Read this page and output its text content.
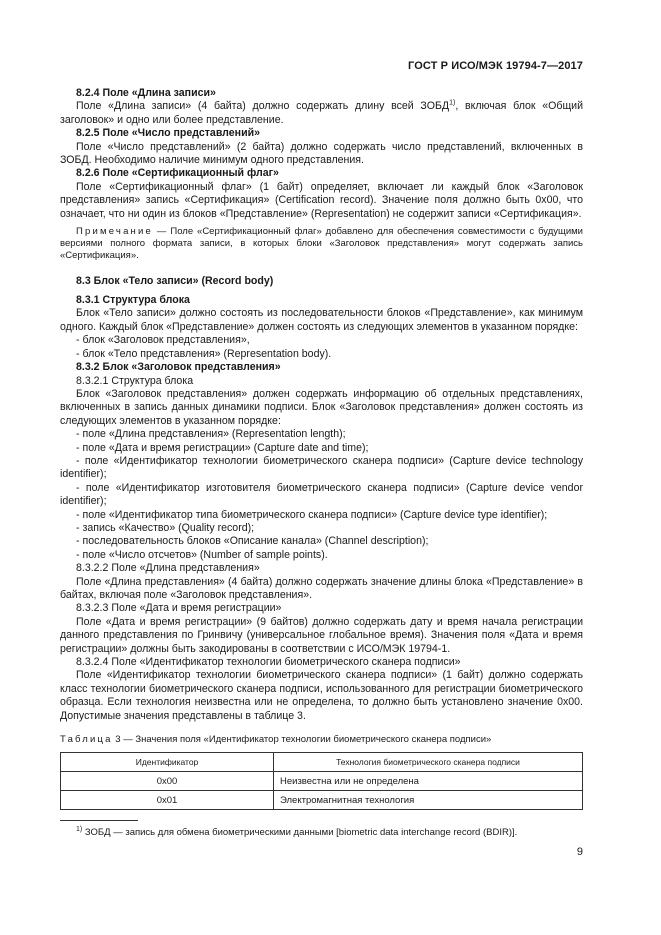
ГОСТ Р ИСО/МЭК 19794-7—2017

8.2.4 Поле «Длина записи»

Поле «Длина записи» (4 байта) должно содержать длину всей ЗОБД$^{1)}$, включая блок «Общий заголовок» и одно или более представление.

8.2.5 Поле «Число представлений»

Поле «Число представлений» (2 байта) должно содержать число представлений, включенных в ЗОБД. Необходимо наличие минимум одного представления.

8.2.6 Поле «Сертификационный флаг»

Поле «Сертификационный флаг» (1 байт) определяет, включает ли каждый блок «Заголовок представления» запись «Сертификация» (Certification record). Значение поля должно быть 0x00, что означает, что ни один из блоков «Представление» (Representation) не содержит записи «Сертификация».

Примечание — Поле «Сертификационный флаг» добавлено для обеспечения совместимости с будущими версиями полного формата записи, в которых блоки «Заголовок представления» могут содержать запись «Сертификация».

8.3 Блок «Тело записи» (Record body)

8.3.1 Структура блока

Блок «Тело записи» должно состоять из последовательности блоков «Представление», как минимум одного. Каждый блок «Представление» должен состоять из следующих элементов в указанном порядке:

- блок «Заголовок представления»,

- блок «Тело представления» (Representation body).

8.3.2 Блок «Заголовок представления»

8.3.2.1 Структура блока

Блок «Заголовок представления» должен содержать информацию об отдельных представлениях, включенных в запись данных динамики подписи. Блок «Заголовок представления» должен состоять из следующих элементов в указанном порядке:

- поле «Длина представления» (Representation length);

- поле «Дата и время регистрации» (Capture date and time);

- поле «Идентификатор технологии биометрического сканера подписи» (Capture device technology identifier);

- поле «Идентификатор изготовителя биометрического сканера подписи» (Capture device vendor identifier);

- поле «Идентификатор типа биометрического сканера подписи» (Capture device type identifier);

- запись «Качество» (Quality record);

- последовательность блоков «Описание канала» (Channel description);

- поле «Число отсчетов» (Number of sample points).

8.3.2.2 Поле «Длина представления»

Поле «Длина представления» (4 байта) должно содержать значение длины блока «Представление» в байтах, включая поле «Заголовок представления».

8.3.2.3 Поле «Дата и время регистрации»

Поле «Дата и время регистрации» (9 байтов) должно содержать дату и время начала регистрации данного представления по Гринвичу (универсальное глобальное время). Значения поля «Дата и время регистрации» должны быть закодированы в соответствии с ИСО/МЭК 19794-1.

8.3.2.4 Поле «Идентификатор технологии биометрического сканера подписи»

Поле «Идентификатор технологии биометрического сканера подписи» (1 байт) должно содержать класс технологии биометрического сканера подписи, использованного для регистрации биометрического образца. Если технология неизвестна или не определена, то должно быть установлено значение 0x00. Допустимые значения представлены в таблице 3.

Таблица 3 — Значения поля «Идентификатор технологии биометрического сканера подписи»

Идентификатор	Технология биометрического сканера подписи
0x00	Неизвестна или не определена
0x01	Электромагнитная технология
$^{1)}$ ЗОБД — запись для обмена биометрическими данными [biometric data interchange record (BDIR)].
9
